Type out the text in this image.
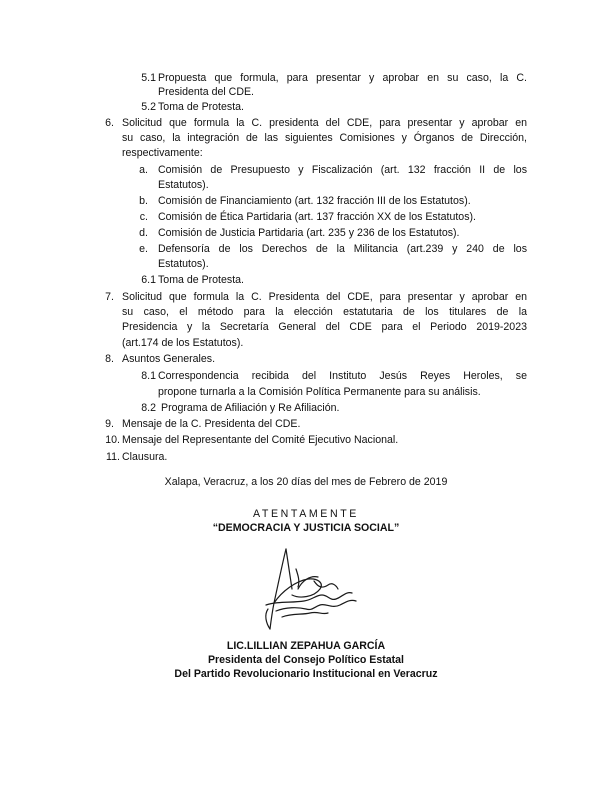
5.1 Propuesta que formula, para presentar y aprobar en su caso, la C.
Presidenta del CDE.
5.2 Toma de Protesta.
6. Solicitud que formula la C. presidenta del CDE, para presentar y aprobar en
su caso, la integración de las siguientes Comisiones y Órganos de Dirección,
respectivamente:
a. Comisión de Presupuesto y Fiscalización (art. 132 fracción II de los
Estatutos).
b. Comisión de Financiamiento (art. 132 fracción III de los Estatutos).
c. Comisión de Ética Partidaria (art. 137 fracción XX de los Estatutos).
d. Comisión de Justicia Partidaria (art. 235 y 236 de los Estatutos).
e. Defensoría de los Derechos de la Militancia (art.239 y 240 de los
Estatutos).
6.1 Toma de Protesta.
7. Solicitud que formula la C. Presidenta del CDE, para presentar y aprobar en
su caso, el método para la elección estatutaria de los titulares de la
Presidencia y la Secretaría General del CDE para el Periodo 2019-2023
(art.174 de los Estatutos).
8. Asuntos Generales.
8.1 Correspondencia recibida del Instituto Jesús Reyes Heroles, se
propone turnarla a la Comisión Política Permanente para su análisis.
8.2 Programa de Afiliación y Re Afiliación.
9. Mensaje de la C. Presidenta del CDE.
10. Mensaje del Representante del Comité Ejecutivo Nacional.
11. Clausura.
Xalapa, Veracruz, a los 20 días del mes de Febrero de 2019
ATENTAMENTE
“DEMOCRACIA Y JUSTICIA SOCIAL”
LIC.LILLIAN ZEPAHUA GARCÍA
Presidenta del Consejo Político Estatal
Del Partido Revolucionario Institucional en Veracruz
